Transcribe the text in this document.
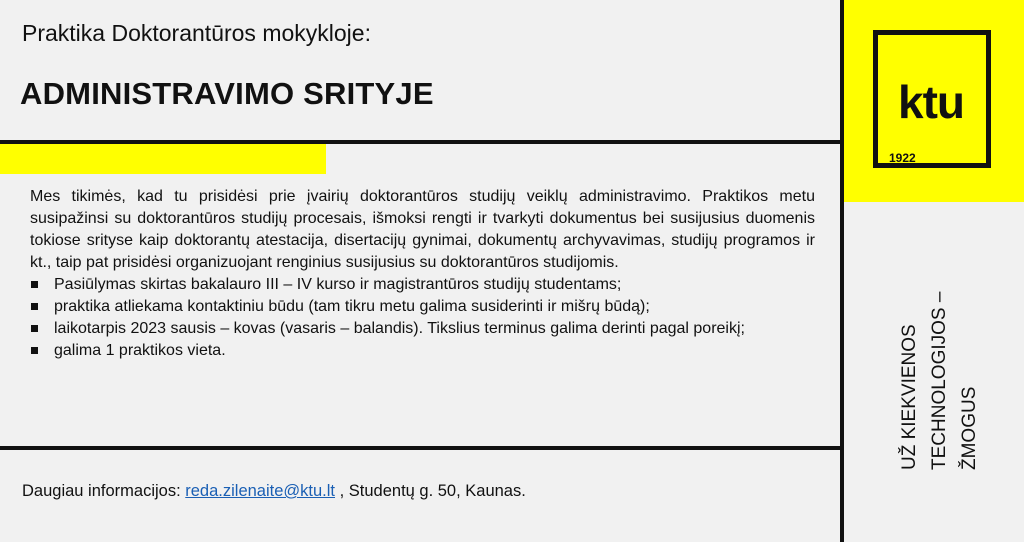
Praktika Doktorantūros mokykloje:
ADMINISTRAVIMO SRITYJE

Mes tikimės, kad tu prisidėsi prie įvairių doktorantūros studijų veiklų administravimo. Praktikos metu susipažinsi su doktorantūros studijų procesais, išmoksi rengti ir tvarkyti dokumentus bei susijusius duomenis tokiose srityse kaip doktorantų atestacija, disertacijų gynimai, dokumentų archyvavimas, studijų programos ir kt., taip pat prisidėsi organizuojant renginius susijusius su doktorantūros studijomis.

Pasiūlymas skirtas bakalauro III – IV kurso ir magistrantūros studijų studentams;
praktika atliekama kontaktiniu būdu (tam tikru metu galima susiderinti ir mišrų būdą);
laikotarpis 2023 sausis – kovas (vasaris – balandis). Tikslius terminus galima derinti pagal poreikį;
galima 1 praktikos vieta.
Daugiau informacijos: reda.zilenaite@ktu.lt , Studentų g. 50, Kaunas.
ktu
1922
UŽ KIEKVIENOS TECHNOLOGIJOS – ŽMOGUS
